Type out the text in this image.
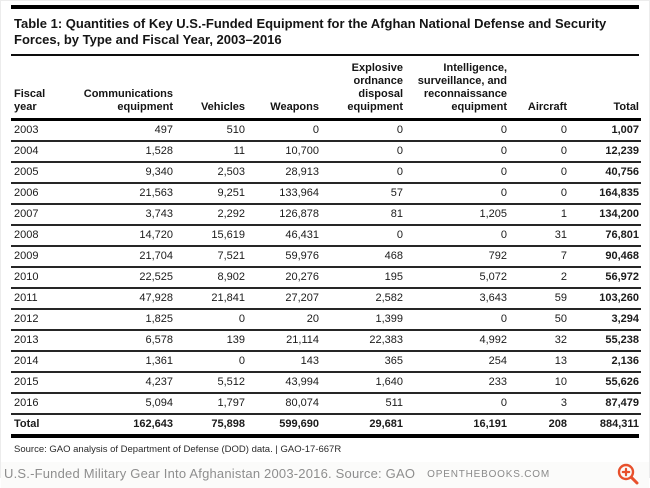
Table 1: Quantities of Key U.S.-Funded Equipment for the Afghan National Defense and Security Forces, by Type and Fiscal Year, 2003–2016
Fiscal year	Communications equipment	Vehicles	Weapons	Explosive ordnance disposal equipment	Intelligence, surveillance, and reconnaissance equipment	Aircraft	Total
2003	497	510	0	0	0	0	1,007
2004	1,528	11	10,700	0	0	0	12,239
2005	9,340	2,503	28,913	0	0	0	40,756
2006	21,563	9,251	133,964	57	0	0	164,835
2007	3,743	2,292	126,878	81	1,205	1	134,200
2008	14,720	15,619	46,431	0	0	31	76,801
2009	21,704	7,521	59,976	468	792	7	90,468
2010	22,525	8,902	20,276	195	5,072	2	56,972
2011	47,928	21,841	27,207	2,582	3,643	59	103,260
2012	1,825	0	20	1,399	0	50	3,294
2013	6,578	139	21,114	22,383	4,992	32	55,238
2014	1,361	0	143	365	254	13	2,136
2015	4,237	5,512	43,994	1,640	233	10	55,626
2016	5,094	1,797	80,074	511	0	3	87,479
Total	162,643	75,898	599,690	29,681	16,191	208	884,311
Source: GAO analysis of Department of Defense (DOD) data. | GAO-17-667R
U.S.-Funded Military Gear Into Afghanistan 2003-2016. Source: GAO OPENTHEBOOKS.COM
